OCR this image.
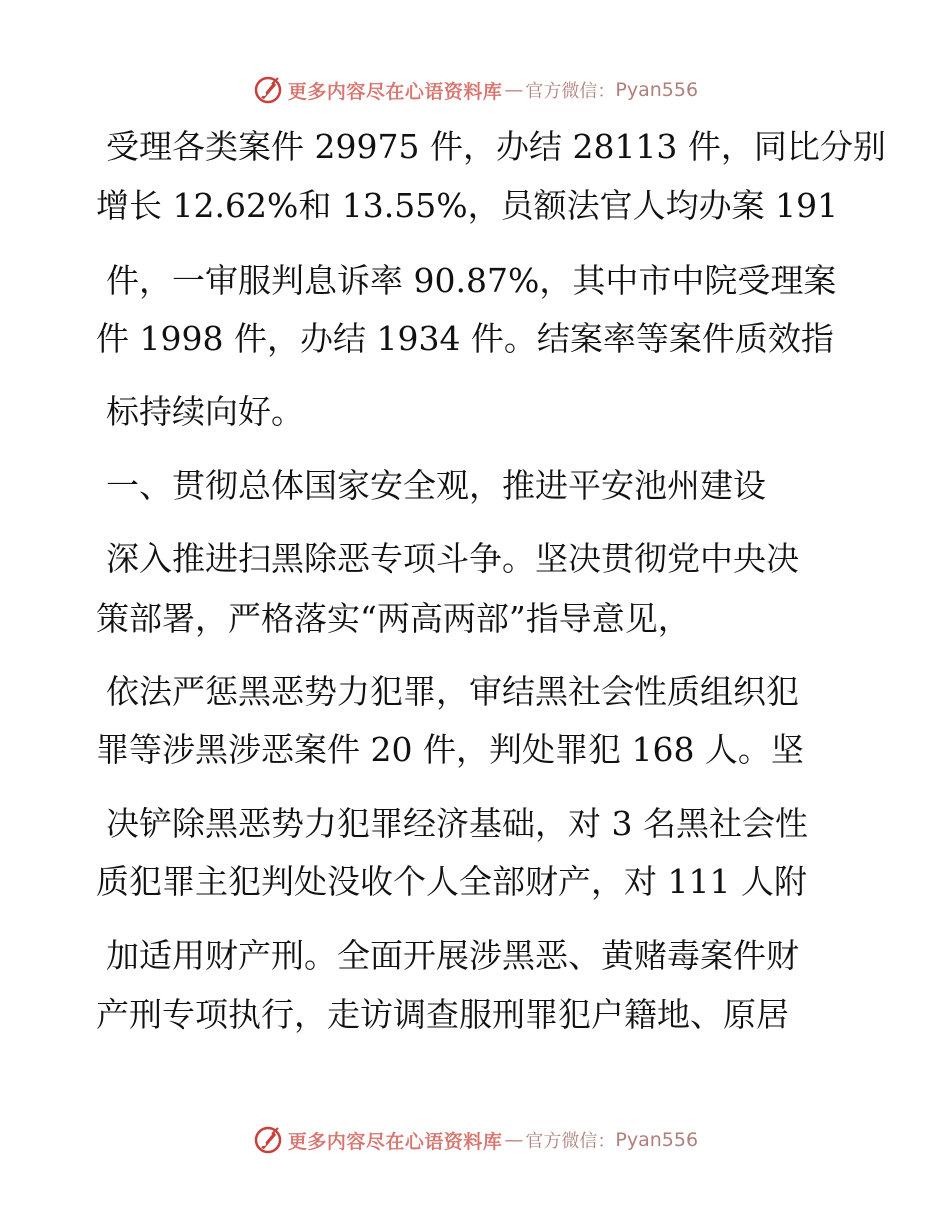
更多内容尽在心语资料库 — 官方微信： Pyan556
受理各类案件 29975 件，办结 28113 件，同比分别
增长 12.62%和 13.55%，员额法官人均办案 191
件，一审服判息诉率 90.87%，其中市中院受理案
件 1998 件，办结 1934 件。结案率等案件质效指
标持续向好。
一、贯彻总体国家安全观，推进平安池州建设
深入推进扫黑除恶专项斗争。坚决贯彻党中央决
策部署，严格落实“两高两部”指导意见，
依法严惩黑恶势力犯罪，审结黑社会性质组织犯
罪等涉黑涉恶案件 20 件，判处罪犯 168 人。坚
决铲除黑恶势力犯罪经济基础，对 3 名黑社会性
质犯罪主犯判处没收个人全部财产，对 111 人附
加适用财产刑。全面开展涉黑恶、黄赌毒案件财
产刑专项执行，走访调查服刑罪犯户籍地、原居
更多内容尽在心语资料库 — 官方微信： Pyan556
